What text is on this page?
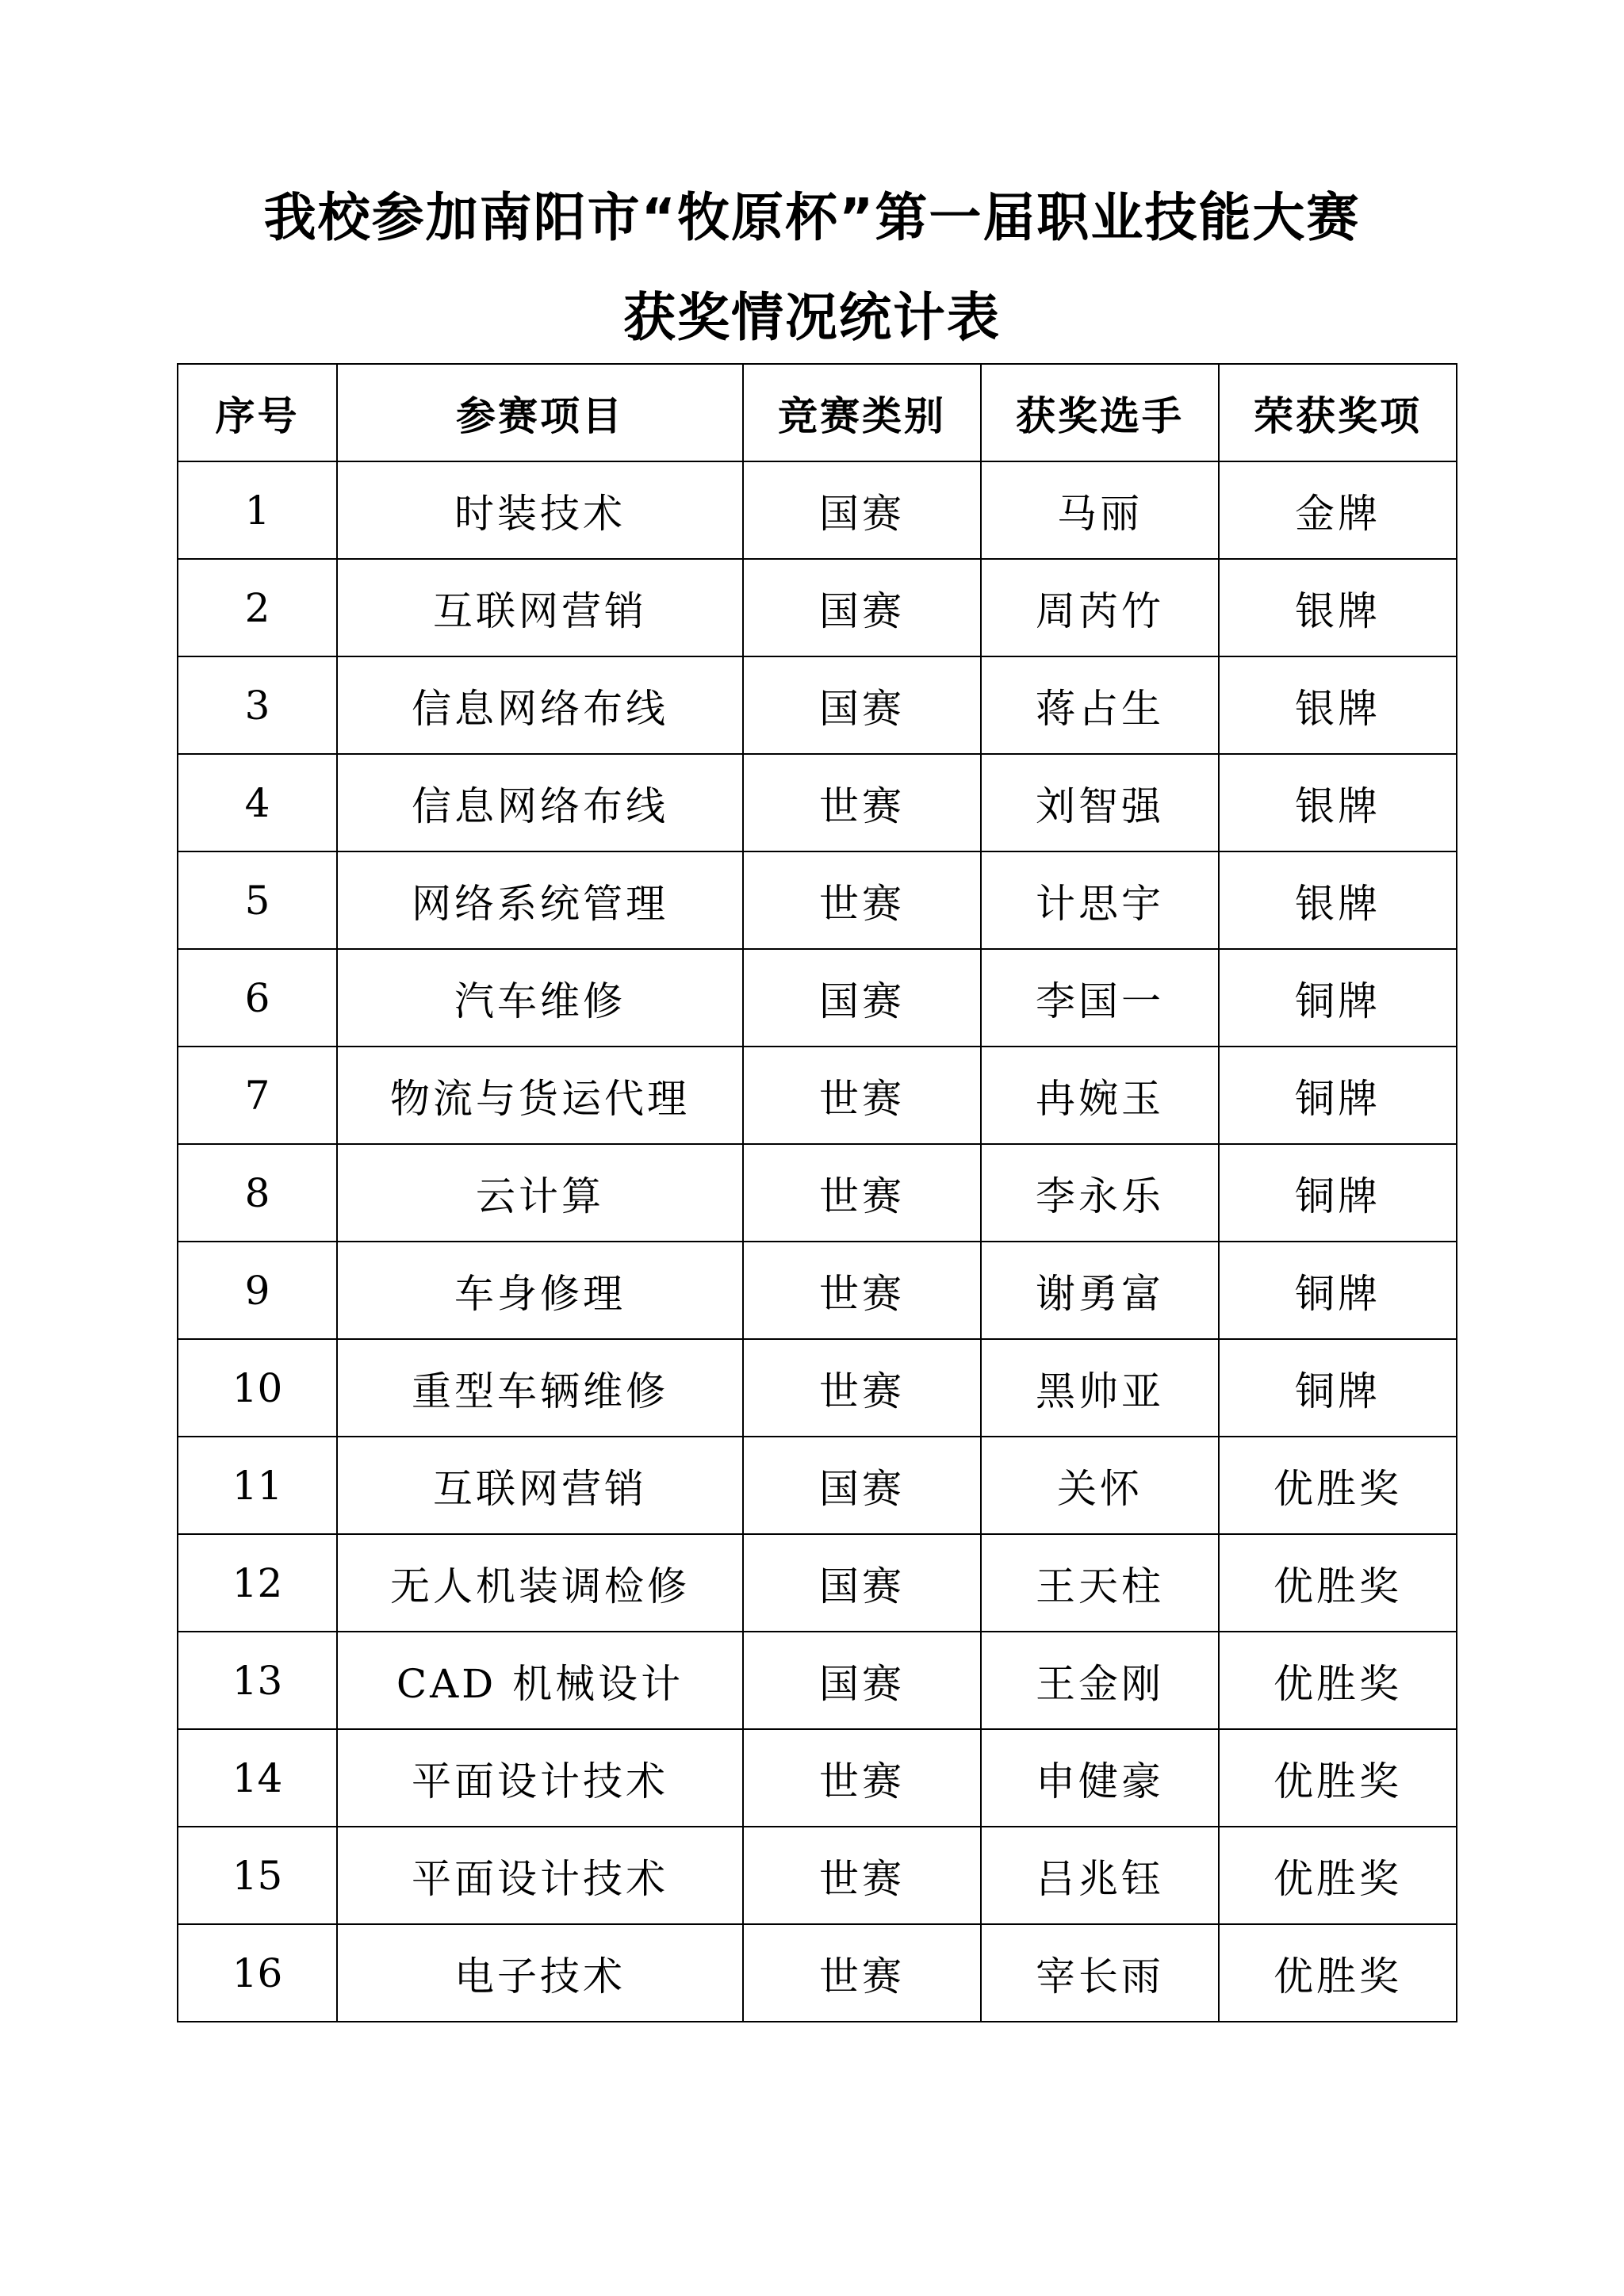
我校参加南阳市“牧原杯”第一届职业技能大赛
获奖情况统计表
序号	参赛项目	竞赛类别	获奖选手	荣获奖项
1	时装技术	国赛	马丽	金牌
2	互联网营销	国赛	周芮竹	银牌
3	信息网络布线	国赛	蒋占生	银牌
4	信息网络布线	世赛	刘智强	银牌
5	网络系统管理	世赛	计思宇	银牌
6	汽车维修	国赛	李国一	铜牌
7	物流与货运代理	世赛	冉婉玉	铜牌
8	云计算	世赛	李永乐	铜牌
9	车身修理	世赛	谢勇富	铜牌
10	重型车辆维修	世赛	黑帅亚	铜牌
11	互联网营销	国赛	关怀	优胜奖
12	无人机装调检修	国赛	王天柱	优胜奖
13	CAD 机械设计	国赛	王金刚	优胜奖
14	平面设计技术	世赛	申健豪	优胜奖
15	平面设计技术	世赛	吕兆钰	优胜奖
16	电子技术	世赛	宰长雨	优胜奖
